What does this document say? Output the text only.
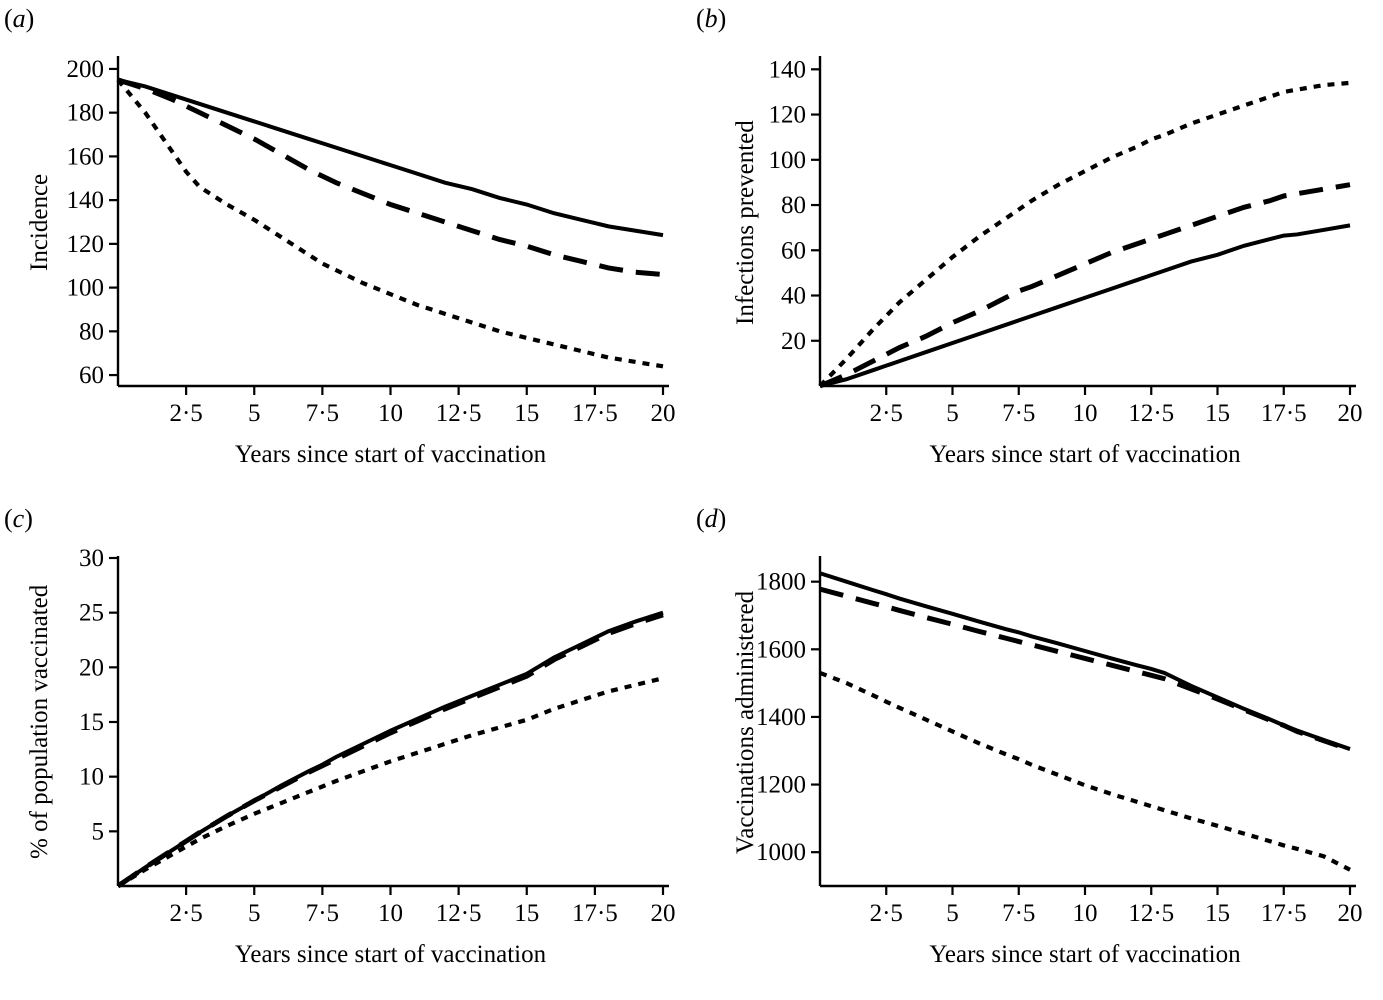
(a)
60
80
100
120
140
160
180
200
2·5 5 7·5 10 12·5 15 17·5 20
Incidence
Years since start of vaccination
(b)
20
40
60
80
100
120
140
2·5 5 7·5 10 12·5 15 17·5 20
Infections prevented
Years since start of vaccination
(c)
5
10
15
20
25
30
2·5 5 7·5 10 12·5 15 17·5 20
% of population vaccinated
Years since start of vaccination
(d)
1000
1200
1400
1600
1800
2·5 5 7·5 10 12·5 15 17·5 20
Vaccinations administered
Years since start of vaccination
